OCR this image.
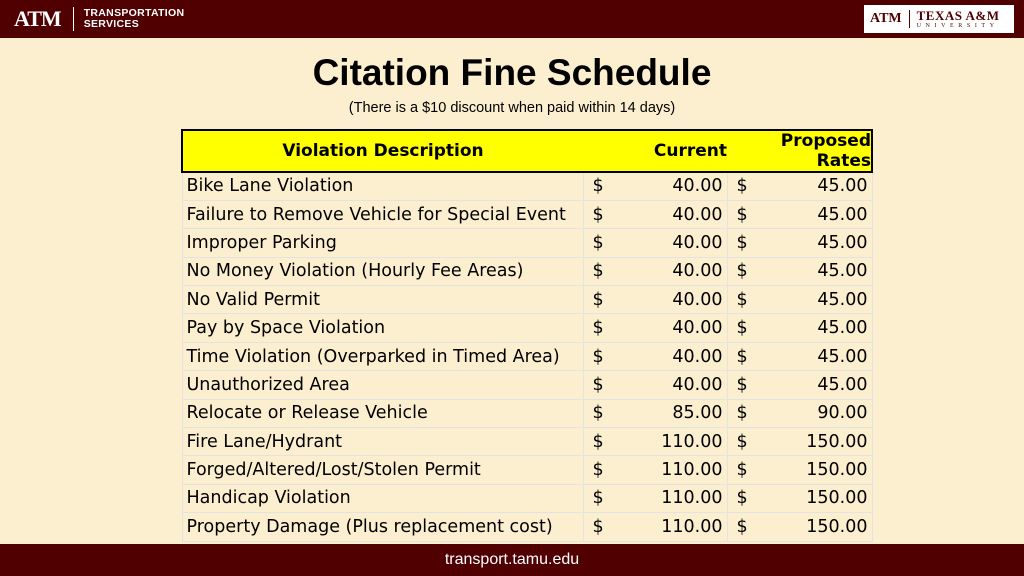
ATM TRANSPORTATION
SERVICES	ATM TEXAS A&M
UNIVERSITY
Citation Fine Schedule
(There is a $10 discount when paid within 14 days)
Violation Description	Current	Proposed Rates
Bike Lane Violation	$ 40.00	$ 45.00
Failure to Remove Vehicle for Special Event	$ 40.00	$ 45.00
Improper Parking	$ 40.00	$ 45.00
No Money Violation (Hourly Fee Areas)	$ 40.00	$ 45.00
No Valid Permit	$ 40.00	$ 45.00
Pay by Space Violation	$ 40.00	$ 45.00
Time Violation (Overparked in Timed Area)	$ 40.00	$ 45.00
Unauthorized Area	$ 40.00	$ 45.00
Relocate or Release Vehicle	$ 85.00	$ 90.00
Fire Lane/Hydrant	$ 110.00	$ 150.00
Forged/Altered/Lost/Stolen Permit	$ 110.00	$ 150.00
Handicap Violation	$ 110.00	$ 150.00
Property Damage (Plus replacement cost)	$ 110.00	$ 150.00
transport.tamu.edu
